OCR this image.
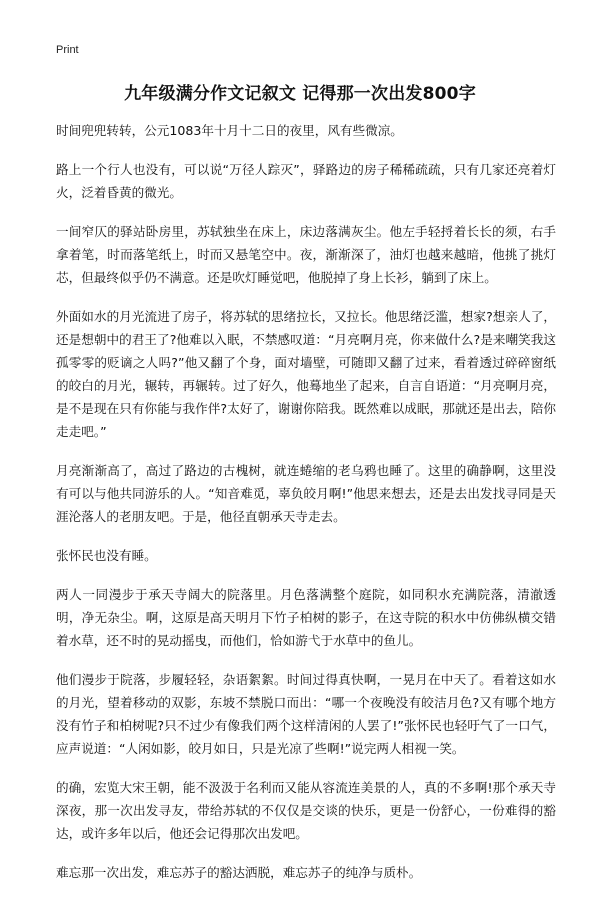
Print
九年级满分作文记叙文 记得那一次出发800字

时间兜兜转转，公元1083年十月十二日的夜里，风有些微凉。

路上一个行人也没有，可以说“万径人踪灭”，驿路边的房子稀稀疏疏，只有几家还亮着灯火，泛着昏黄的微光。

一间窄仄的驿站卧房里，苏轼独坐在床上，床边落满灰尘。他左手轻捋着长长的须，右手拿着笔，时而落笔纸上，时而又悬笔空中。夜，渐渐深了，油灯也越来越暗，他挑了挑灯芯，但最终似乎仍不满意。还是吹灯睡觉吧，他脱掉了身上长衫，躺到了床上。

外面如水的月光流进了房子，将苏轼的思绪拉长，又拉长。他思绪泛滥，想家?想亲人了，还是想朝中的君王了?他难以入眠，不禁感叹道：“月亮啊月亮，你来做什么?是来嘲笑我这孤零零的贬谪之人吗?”他又翻了个身，面对墙壁，可随即又翻了过来，看着透过碎碎窗纸的皎白的月光，辗转，再辗转。过了好久，他蓦地坐了起来，自言自语道：“月亮啊月亮，是不是现在只有你能与我作伴?太好了，谢谢你陪我。既然难以成眠，那就还是出去，陪你走走吧。”

月亮渐渐高了，高过了路边的古槐树，就连蜷缩的老乌鸦也睡了。这里的确静啊，这里没有可以与他共同游乐的人。“知音难觅，辜负皎月啊!”他思来想去，还是去出发找寻同是天涯沦落人的老朋友吧。于是，他径直朝承天寺走去。

张怀民也没有睡。

两人一同漫步于承天寺阔大的院落里。月色落满整个庭院，如同积水充满院落，清澈透明，净无杂尘。啊，这原是高天明月下竹子柏树的影子，在这寺院的积水中仿佛纵横交错着水草，还不时的晃动摇曳，而他们，恰如游弋于水草中的鱼儿。

他们漫步于院落，步履轻轻，杂语絮絮。时间过得真快啊，一晃月在中天了。看着这如水的月光，望着移动的双影，东坡不禁脱口而出：“哪一个夜晚没有皎洁月色?又有哪个地方没有竹子和柏树呢?只不过少有像我们两个这样清闲的人罢了!”张怀民也轻吁气了一口气，应声说道：“人闲如影，皎月如日，只是光凉了些啊!”说完两人相视一笑。

的确，宏览大宋王朝，能不汲汲于名利而又能从容流连美景的人，真的不多啊!那个承天寺深夜，那一次出发寻友，带给苏轼的不仅仅是交谈的快乐，更是一份舒心，一份难得的豁达，或许多年以后，他还会记得那次出发吧。

难忘那一次出发，难忘苏子的豁达洒脱，难忘苏子的纯净与质朴。
